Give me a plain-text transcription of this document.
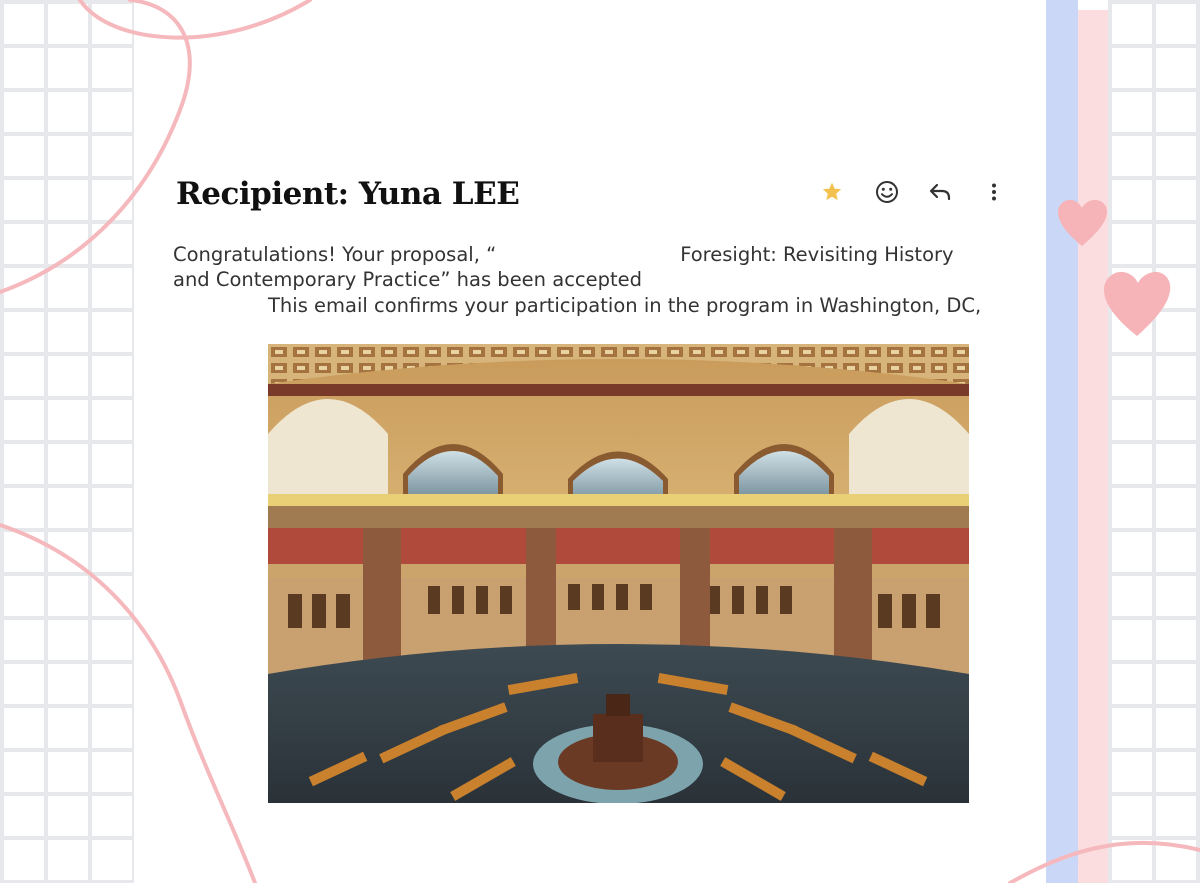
Recipient: Yuna LEE

Congratulations! Your proposal, “	Foresight: Revisiting History

and Contemporary Practice” has been accepted

This email confirms your participation in the program in Washington, DC,
